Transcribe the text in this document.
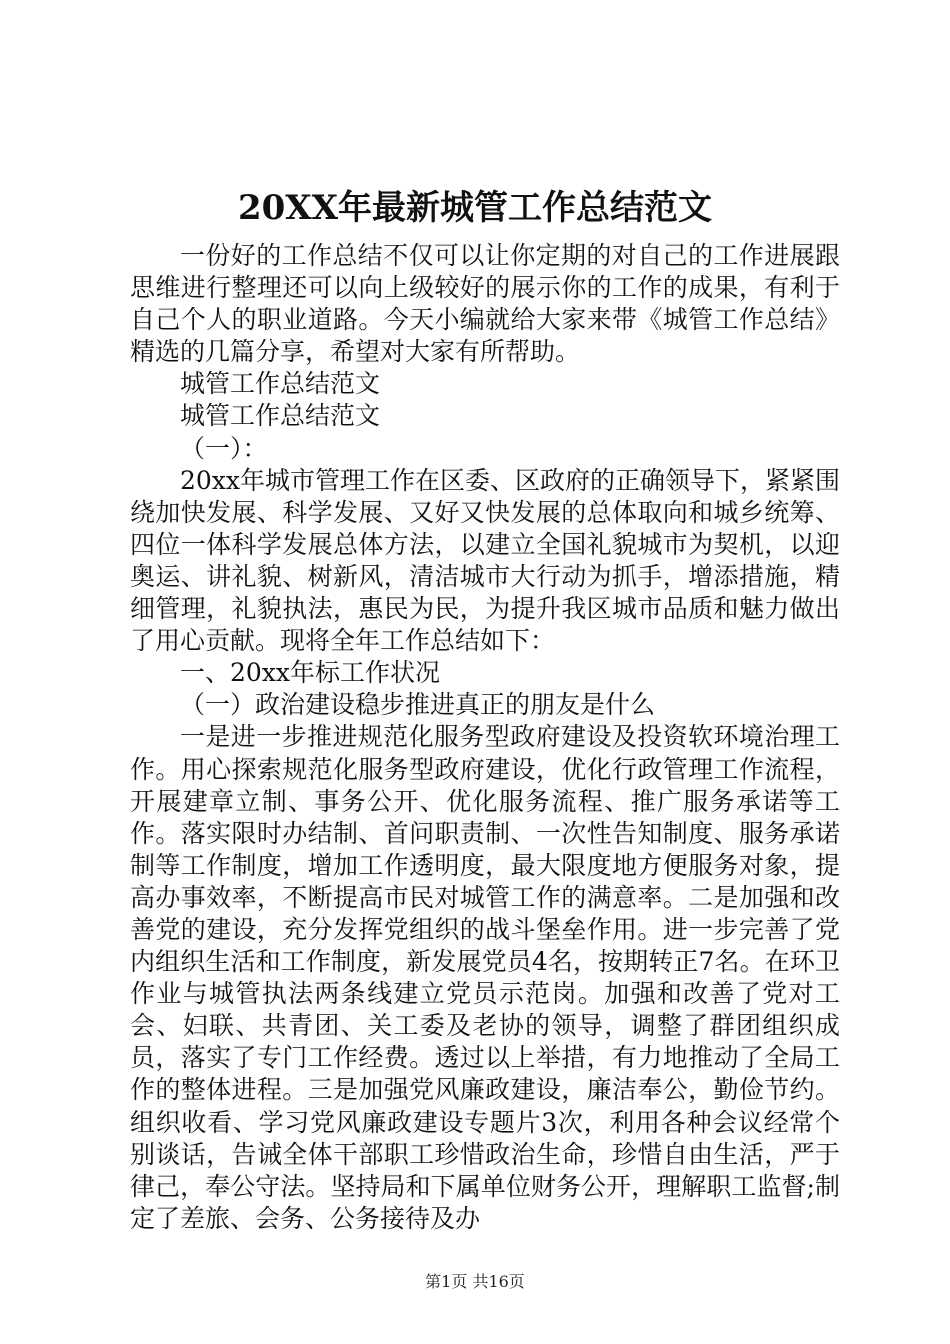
20XX年最新城管工作总结范文

一份好的工作总结不仅可以让你定期的对自己的工作进展跟思维进行整理还可以向上级较好的展示你的工作的成果，有利于自己个人的职业道路。今天小编就给大家来带《城管工作总结》精选的几篇分享，希望对大家有所帮助。

城管工作总结范文

城管工作总结范文

（一）：

20xx年城市管理工作在区委、区政府的正确领导下，紧紧围绕加快发展、科学发展、又好又快发展的总体取向和城乡统筹、四位一体科学发展总体方法，以建立全国礼貌城市为契机，以迎奥运、讲礼貌、树新风，清洁城市大行动为抓手，增添措施，精细管理，礼貌执法，惠民为民，为提升我区城市品质和魅力做出了用心贡献。现将全年工作总结如下：

一、20xx年标工作状况

（一）政治建设稳步推进真正的朋友是什么

一是进一步推进规范化服务型政府建设及投资软环境治理工作。用心探索规范化服务型政府建设，优化行政管理工作流程，开展建章立制、事务公开、优化服务流程、推广服务承诺等工作。落实限时办结制、首问职责制、一次性告知制度、服务承诺制等工作制度，增加工作透明度，最大限度地方便服务对象，提高办事效率，不断提高市民对城管工作的满意率。二是加强和改善党的建设，充分发挥党组织的战斗堡垒作用。进一步完善了党内组织生活和工作制度，新发展党员4名，按期转正7名。在环卫作业与城管执法两条线建立党员示范岗。加强和改善了党对工会、妇联、共青团、关工委及老协的领导，调整了群团组织成员，落实了专门工作经费。透过以上举措，有力地推动了全局工作的整体进程。三是加强党风廉政建设，廉洁奉公，勤俭节约。组织收看、学习党风廉政建设专题片3次，利用各种会议经常个别谈话，告诫全体干部职工珍惜政治生命，珍惜自由生活，严于律己，奉公守法。坚持局和下属单位财务公开，理解职工监督;制定了差旅、会务、公务接待及办

第1页 共16页
